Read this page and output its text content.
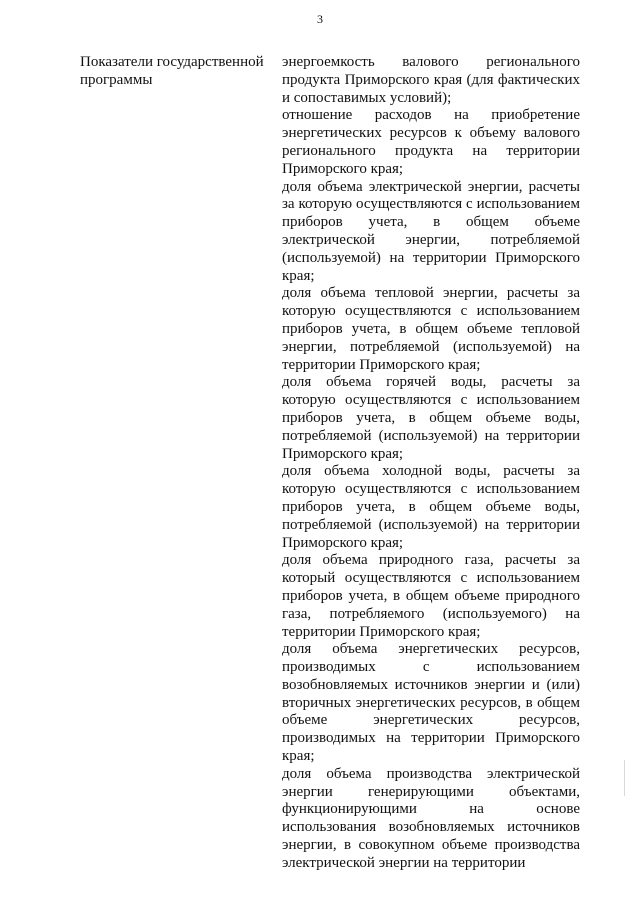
3
Показатели государственной программы

энергоемкость валового регионального продукта Приморского края (для фактических и сопоставимых условий);

отношение расходов на приобретение энергетических ресурсов к объему валового регионального продукта на территории Приморского края;

доля объема электрической энергии, расчеты за которую осуществляются с использованием приборов учета, в общем объеме электрической энергии, потребляемой (используемой) на территории Приморского края;

доля объема тепловой энергии, расчеты за которую осуществляются с использованием приборов учета, в общем объеме тепловой энергии, потребляемой (используемой) на территории Приморского края;

доля объема горячей воды, расчеты за которую осуществляются с использованием приборов учета, в общем объеме воды, потребляемой (используемой) на территории Приморского края;

доля объема холодной воды, расчеты за которую осуществляются с использованием приборов учета, в общем объеме воды, потребляемой (используемой) на территории Приморского края;

доля объема природного газа, расчеты за который осуществляются с использованием приборов учета, в общем объеме природного газа, потребляемого (используемого) на территории Приморского края;

доля объема энергетических ресурсов, производимых с использованием возобновляемых источников энергии и (или) вторичных энергетических ресурсов, в общем объеме энергетических ресурсов, производимых на территории Приморского края;

доля объема производства электрической энергии генерирующими объектами, функционирующими на основе использования возобновляемых источников энергии, в совокупном объеме производства электрической энергии на территории
